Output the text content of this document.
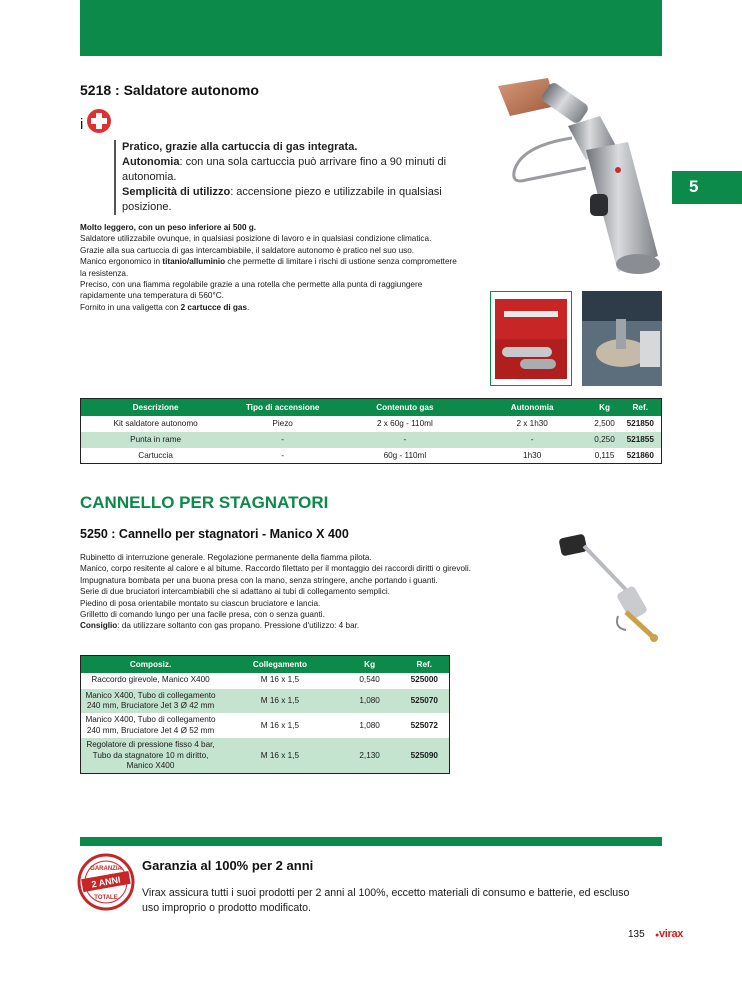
5
5218 : Saldatore autonomo
i

Pratico, grazie alla cartuccia di gas integrata.

Autonomia: con una sola cartuccia può arrivare fino a 90 minuti di autonomia.

Semplicità di utilizzo: accensione piezo e utilizzabile in qualsiasi posizione.

Molto leggero, con un peso inferiore ai 500 g.
Saldatore utilizzabile ovunque, in qualsiasi posizione di lavoro e in qualsiasi condizione climatica.
Grazie alla sua cartuccia di gas intercambiabile, il saldatore autonomo è pratico nel suo uso.
Manico ergonomico in titanio/alluminio che permette di limitare i rischi di ustione senza compromettere la resistenza.
Preciso, con una fiamma regolabile grazie a una rotella che permette alla punta di raggiungere rapidamente una temperatura di 560°C.
Fornito in una valigetta con 2 cartucce di gas.
Descrizione	Tipo di accensione	Contenuto gas	Autonomia	Kg	Ref.
Kit saldatore autonomo	Piezo	2 x 60g - 110ml	2 x 1h30	2,500	521850
Punta in rame	-	-	-	0,250	521855
Cartuccia	-	60g - 110ml	1h30	0,115	521860
CANNELLO PER STAGNATORI
5250 : Cannello per stagnatori - Manico X 400
Rubinetto di interruzione generale. Regolazione permanente della fiamma pilota.
Manico, corpo resitente al calore e al bitume. Raccordo filettato per il montaggio dei raccordi diritti o girevoli. Impugnatura bombata per una buona presa con la mano, senza stringere, anche portando i guanti.
Serie di due bruciatori intercambiabili che si adattano ai tubi di collegamento semplici.
Piedino di posa orientabile montato su ciascun bruciatore e lancia.
Grilletto di comando lungo per una facile presa, con o senza guanti.
Consiglio: da utilizzare soltanto con gas propano. Pressione d'utilizzo: 4 bar.
Composiz.	Collegamento	Kg	Ref.
Raccordo girevole, Manico X400	M 16 x 1,5	0,540	525000
Manico X400, Tubo di collegamento 240 mm, Bruciatore Jet 3 Ø 42 mm	M 16 x 1,5	1,080	525070
Manico X400, Tubo di collegamento 240 mm, Bruciatore Jet 4 Ø 52 mm	M 16 x 1,5	1,080	525072
Regolatore di pressione fisso 4 bar, Tubo da stagnatore 10 m diritto, Manico X400	M 16 x 1,5	2,130	525090
GARANZIA
2 ANNI
TOTALE
Garanzia al 100% per 2 anni
Virax assicura tutti i suoi prodotti per 2 anni al 100%, eccetto materiali di consumo e batterie, ed escluso uso improprio o prodotto modificato.
135 ●virax
